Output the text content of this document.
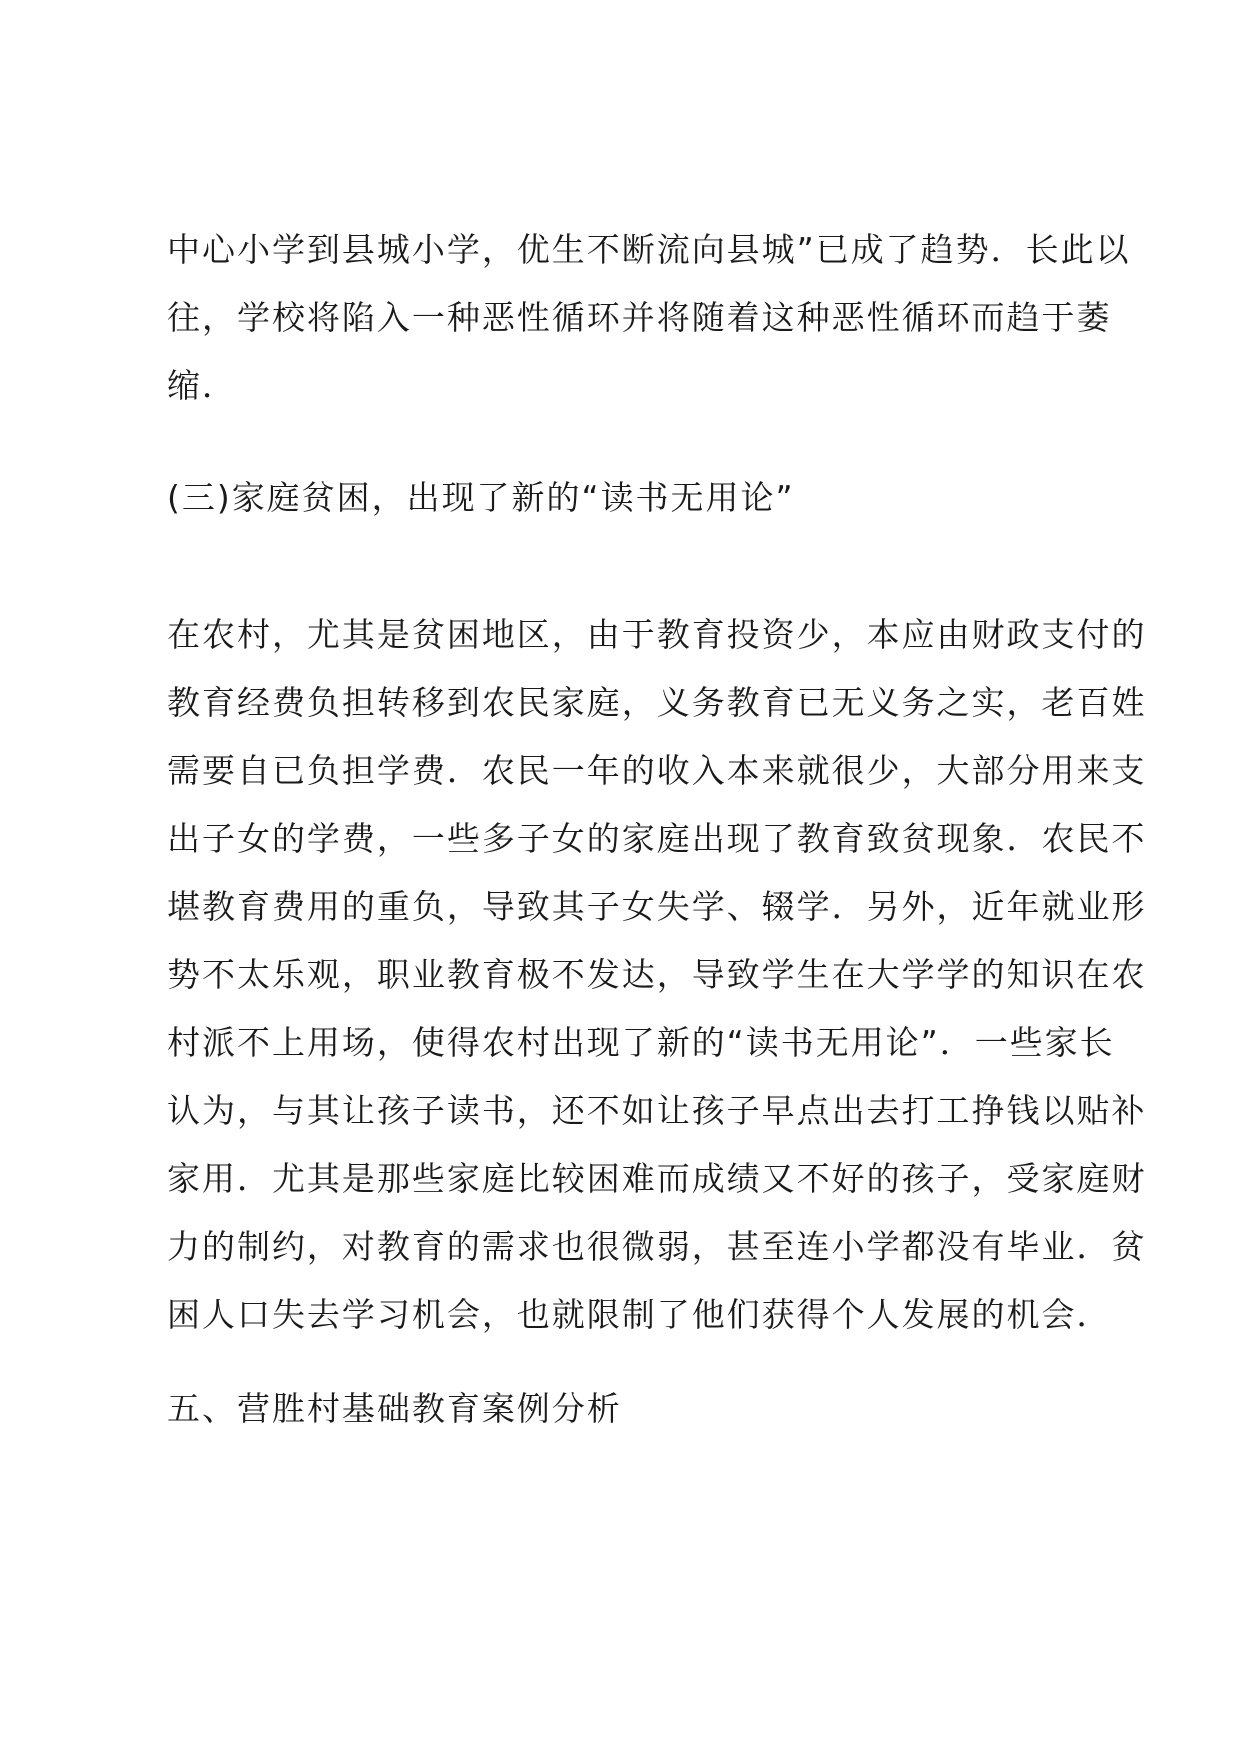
中心小学到县城小学，优生不断流向县城”已成了趋势．长此以
往，学校将陷入一种恶性循环并将随着这种恶性循环而趋于萎
缩．
(三)家庭贫困，出现了新的“读书无用论”
在农村，尤其是贫困地区，由于教育投资少，本应由财政支付的
教育经费负担转移到农民家庭，义务教育已无义务之实，老百姓
需要自已负担学费．农民一年的收入本来就很少，大部分用来支
出子女的学费，一些多子女的家庭出现了教育致贫现象．农民不
堪教育费用的重负，导致其子女失学、辍学．另外，近年就业形
势不太乐观，职业教育极不发达，导致学生在大学学的知识在农
村派不上用场，使得农村出现了新的“读书无用论”．一些家长
认为，与其让孩子读书，还不如让孩子早点出去打工挣钱以贴补
家用．尤其是那些家庭比较困难而成绩又不好的孩子，受家庭财
力的制约，对教育的需求也很微弱，甚至连小学都没有毕业．贫
困人口失去学习机会，也就限制了他们获得个人发展的机会．
五、营胜村基础教育案例分析
